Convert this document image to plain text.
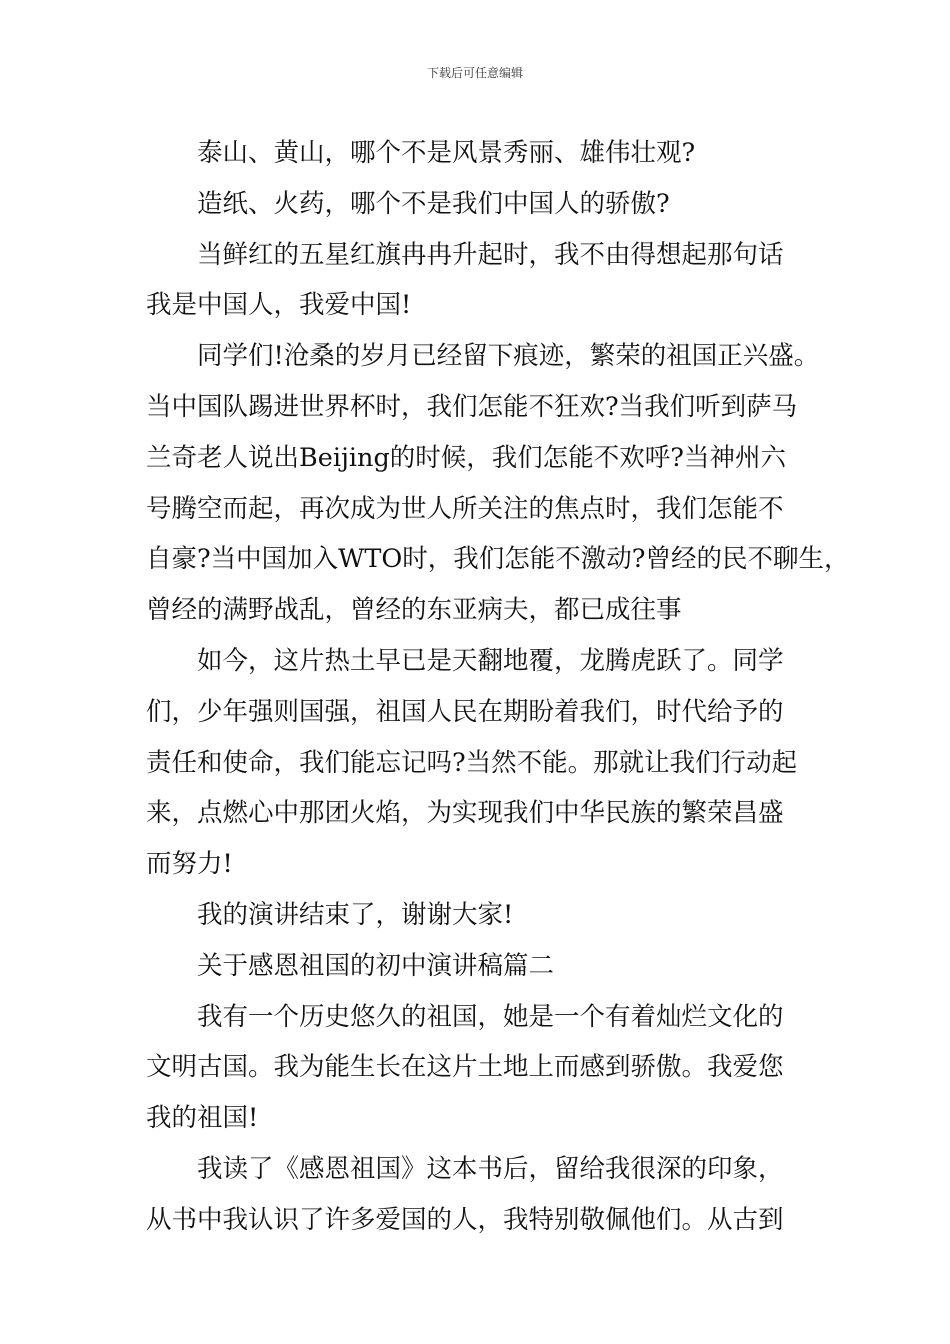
下载后可任意编辑
泰山、黄山，哪个不是风景秀丽、雄伟壮观?
造纸、火药，哪个不是我们中国人的骄傲?
当鲜红的五星红旗冉冉升起时，我不由得想起那句话
我是中国人，我爱中国!
同学们!沧桑的岁月已经留下痕迹，繁荣的祖国正兴盛。
当中国队踢进世界杯时，我们怎能不狂欢?当我们听到萨马
兰奇老人说出Beijing的时候，我们怎能不欢呼?当神州六
号腾空而起，再次成为世人所关注的焦点时，我们怎能不
自豪?当中国加入WTO时，我们怎能不激动?曾经的民不聊生，
曾经的满野战乱，曾经的东亚病夫，都已成往事
如今，这片热土早已是天翻地覆，龙腾虎跃了。同学
们，少年强则国强，祖国人民在期盼着我们，时代给予的
责任和使命，我们能忘记吗?当然不能。那就让我们行动起
来，点燃心中那团火焰，为实现我们中华民族的繁荣昌盛
而努力!
我的演讲结束了，谢谢大家!
关于感恩祖国的初中演讲稿篇二
我有一个历史悠久的祖国，她是一个有着灿烂文化的
文明古国。我为能生长在这片土地上而感到骄傲。我爱您
我的祖国!
我读了《感恩祖国》这本书后，留给我很深的印象，
从书中我认识了许多爱国的人，我特别敬佩他们。从古到
